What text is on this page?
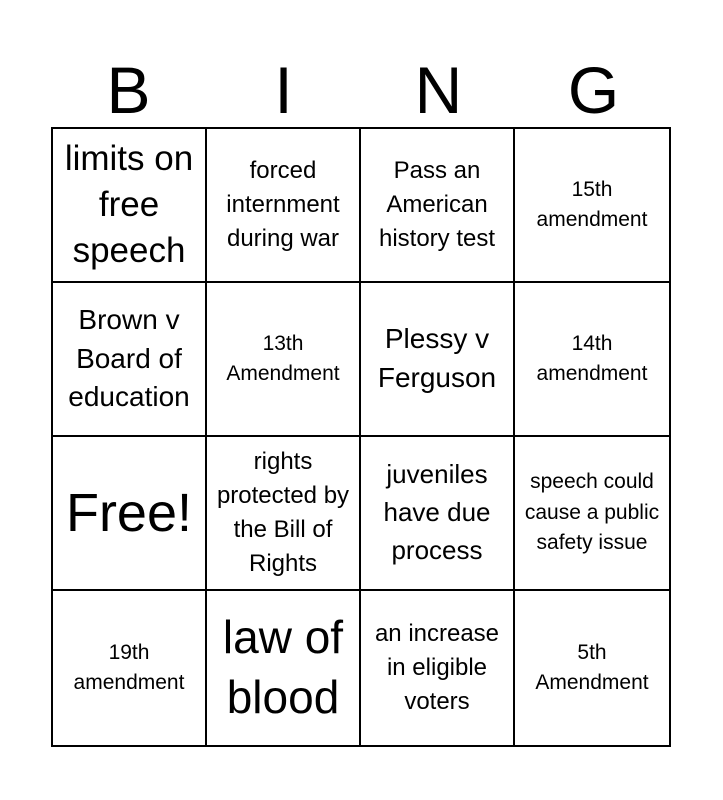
B	I	N	G
limits on free speech
forced internment during war
Pass an American history test
15th amendment
Brown v Board of education
13th Amendment
Plessy v Ferguson
14th amendment
Free!
rights protected by the Bill of Rights
juveniles have due process
speech could cause a public safety issue
19th amendment
law of blood
an increase in eligible voters
5th Amendment
